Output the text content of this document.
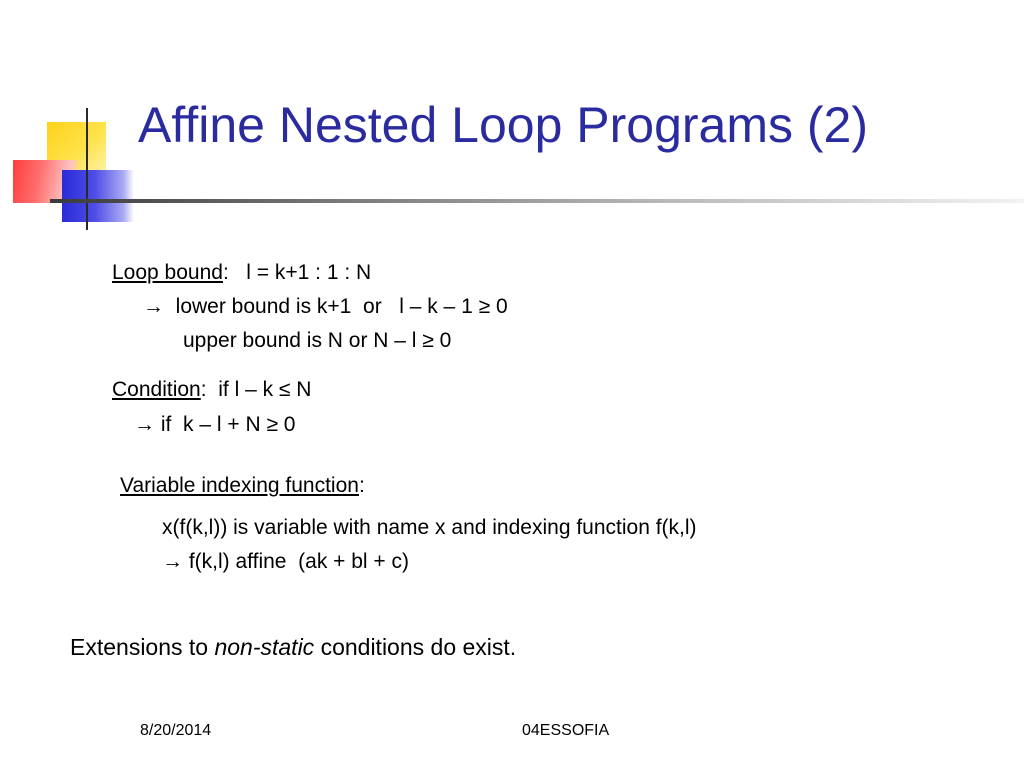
Affine Nested Loop Programs (2)
Loop bound:   l = k+1 : 1 : N
→  lower bound is k+1  or   l – k – 1 ≥ 0
upper bound is N or N – l ≥ 0
Condition:  if l – k ≤ N
→ if  k – l + N ≥ 0
Variable indexing function:
x(f(k,l)) is variable with name x and indexing function f(k,l)
→ f(k,l) affine  (ak + bl + c)
Extensions to non-static conditions do exist.
8/20/2014	04ESSOFIA
